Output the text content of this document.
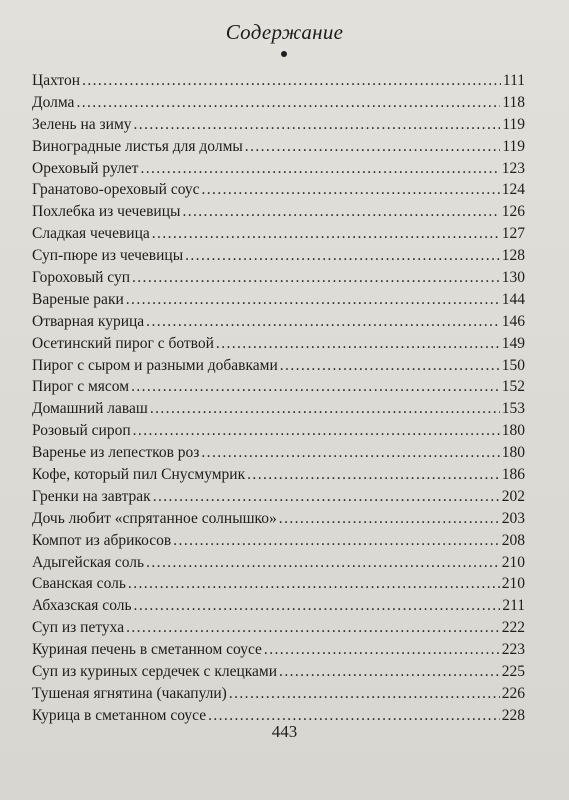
Содержание
Цахтон .....	111
Долма .....	118
Зелень на зиму .....	119
Виноградные листья для долмы .....	119
Ореховый рулет .....	123
Гранатово-ореховый соус .....	124
Похлебка из чечевицы .....	126
Сладкая чечевица .....	127
Суп-пюре из чечевицы .....	128
Гороховый суп .....	130
Вареные раки .....	144
Отварная курица .....	146
Осетинский пирог с ботвой .....	149
Пирог с сыром и разными добавками .....	150
Пирог с мясом .....	152
Домашний лаваш .....	153
Розовый сироп .....	180
Варенье из лепестков роз .....	180
Кофе, который пил Снусмумрик .....	186
Гренки на завтрак .....	202
Дочь любит «спрятанное солнышко» .....	203
Компот из абрикосов .....	208
Адыгейская соль .....	210
Сванская соль .....	210
Абхазская соль .....	211
Суп из петуха .....	222
Куриная печень в сметанном соусе .....	223
Суп из куриных сердечек с клецками .....	225
Тушеная ягнятина (чакапули) .....	226
Курица в сметанном соусе .....	228
443
